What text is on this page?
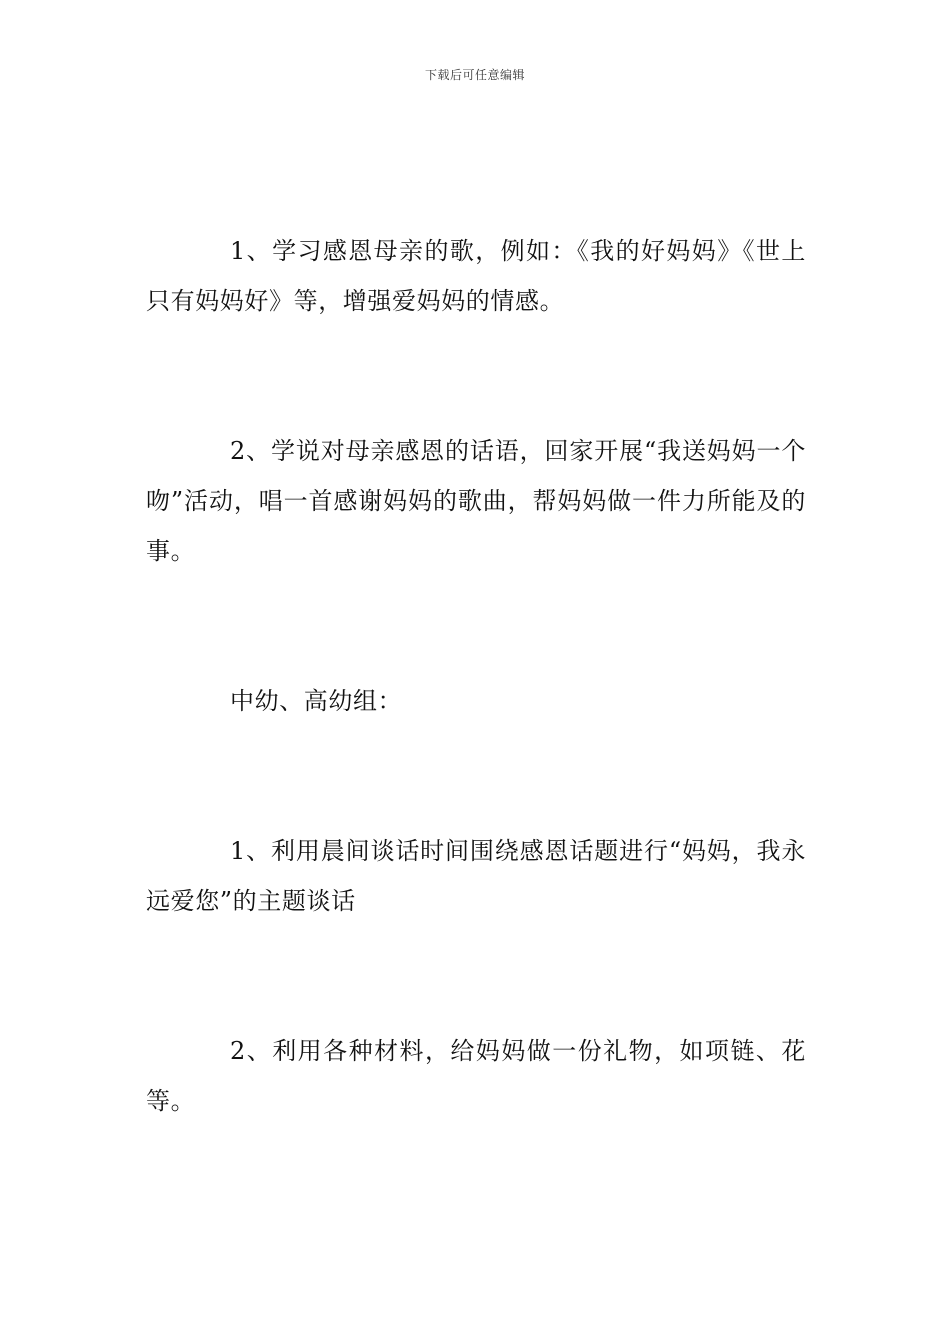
下载后可任意编辑

1、学习感恩母亲的歌，例如：《我的好妈妈》《世上只有妈妈好》等，增强爱妈妈的情感。

2、学说对母亲感恩的话语，回家开展“我送妈妈一个吻”活动，唱一首感谢妈妈的歌曲，帮妈妈做一件力所能及的事。

中幼、高幼组：

1、利用晨间谈话时间围绕感恩话题进行“妈妈，我永远爱您”的主题谈话

2、利用各种材料，给妈妈做一份礼物，如项链、花等。
